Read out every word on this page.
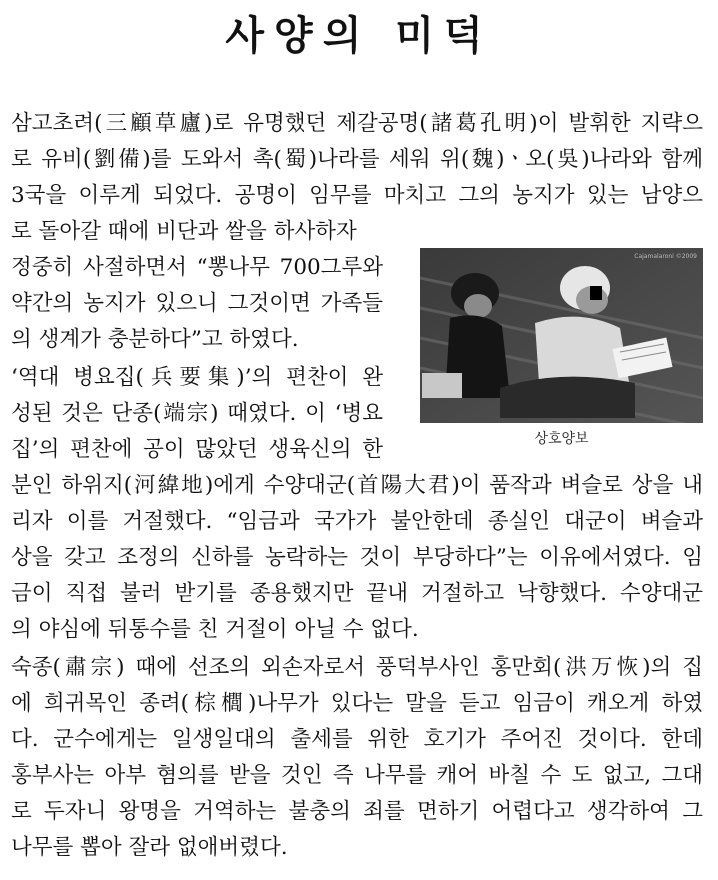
사양의 미덕
삼고초려(三顧草廬)로 유명했던 제갈공명(諸葛孔明)이 발휘한 지략으
로 유비(劉備)를 도와서 촉(蜀)나라를 세워 위(魏)ㆍ오(吳)나라와 함께
3국을 이루게 되었다. 공명이 임무를 마치고 그의 농지가 있는 남양으
로 돌아갈 때에 비단과 쌀을 하사하자
정중히 사절하면서 “뽕나무 700그루와
약간의 농지가 있으니 그것이면 가족들
의 생계가 충분하다”고 하였다.
‘역대 병요집(兵要集)’의 편찬이 완
성된 것은 단종(端宗) 때였다. 이 ‘병요
집’의 편찬에 공이 많았던 생육신의 한
분인 하위지(河緯地)에게 수양대군(首陽大君)이 품작과 벼슬로 상을 내
리자 이를 거절했다. “임금과 국가가 불안한데 종실인 대군이 벼슬과
상을 갖고 조정의 신하를 농락하는 것이 부당하다”는 이유에서였다. 임
금이 직접 불러 받기를 종용했지만 끝내 거절하고 낙향했다. 수양대군
의 야심에 뒤통수를 친 거절이 아닐 수 없다.
숙종(肅宗) 때에 선조의 외손자로서 풍덕부사인 홍만회(洪万恢)의 집
에 희귀목인 종려(棕櫚)나무가 있다는 말을 듣고 임금이 캐오게 하였
다. 군수에게는 일생일대의 출세를 위한 호기가 주어진 것이다. 한데
홍부사는 아부 혐의를 받을 것인 즉 나무를 캐어 바칠 수 도 없고, 그대
로 두자니 왕명을 거역하는 불충의 죄를 면하기 어렵다고 생각하여 그
나무를 뽑아 잘라 없애버렸다.
Cajamalaroni ©2009
상호양보
